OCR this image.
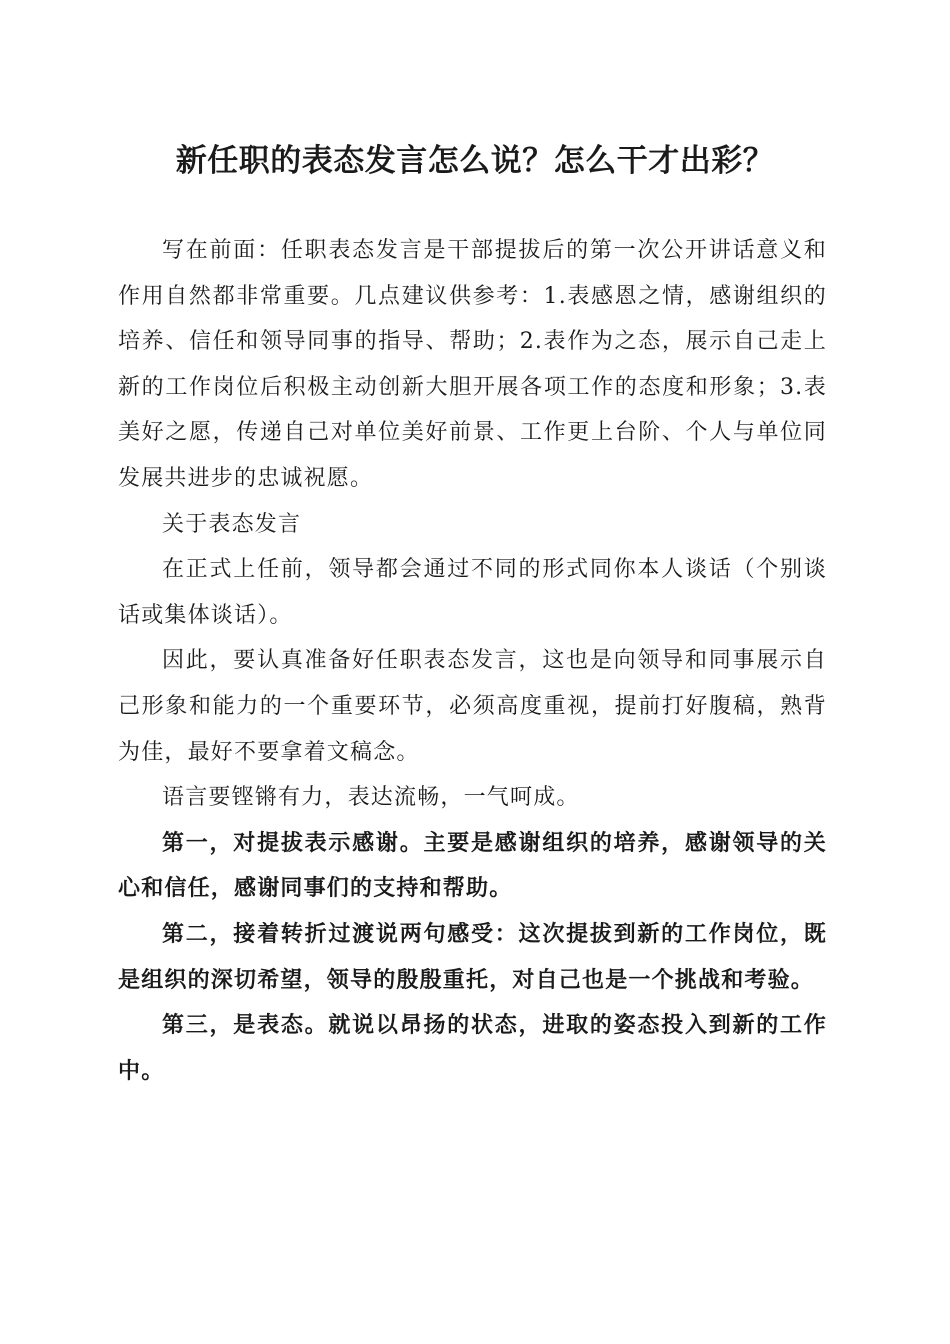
新任职的表态发言怎么说？怎么干才出彩？

写在前面：任职表态发言是干部提拔后的第一次公开讲话意义和作用自然都非常重要。几点建议供参考：1.表感恩之情，感谢组织的培养、信任和领导同事的指导、帮助；2.表作为之态，展示自己走上新的工作岗位后积极主动创新大胆开展各项工作的态度和形象；3.表美好之愿，传递自己对单位美好前景、工作更上台阶、个人与单位同发展共进步的忠诚祝愿。

关于表态发言

在正式上任前，领导都会通过不同的形式同你本人谈话（个别谈话或集体谈话）。

因此，要认真准备好任职表态发言，这也是向领导和同事展示自己形象和能力的一个重要环节，必须高度重视，提前打好腹稿，熟背为佳，最好不要拿着文稿念。

语言要铿锵有力，表达流畅，一气呵成。

第一，对提拔表示感谢。主要是感谢组织的培养，感谢领导的关心和信任，感谢同事们的支持和帮助。

第二，接着转折过渡说两句感受：这次提拔到新的工作岗位，既是组织的深切希望，领导的殷殷重托，对自己也是一个挑战和考验。

第三，是表态。就说以昂扬的状态，进取的姿态投入到新的工作中。
